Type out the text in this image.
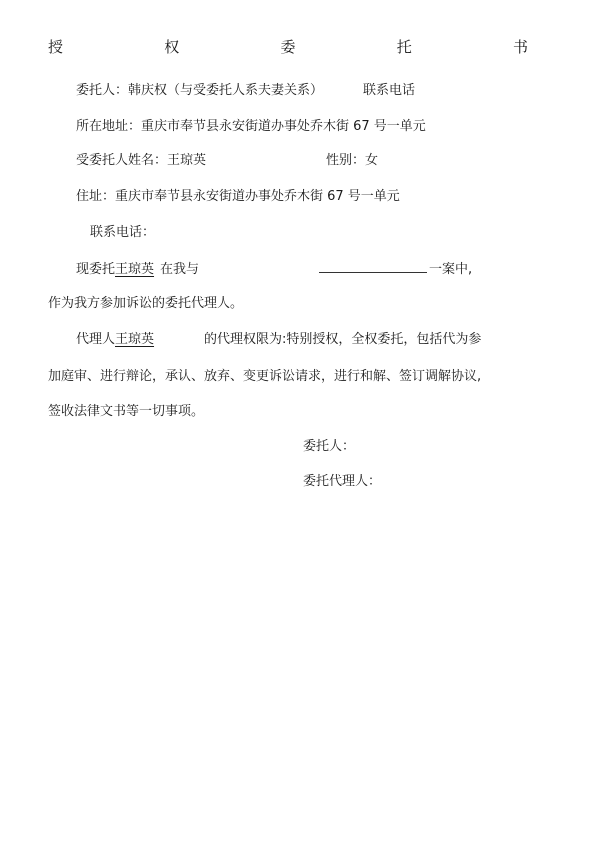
授	权	委	托	书
委托人：韩庆权（与受委托人系夫妻关系）	联系电话
所在地址：重庆市奉节县永安街道办事处乔木街 67 号一单元
受委托人姓名：王琼英	性别：女
住址：重庆市奉节县永安街道办事处乔木街 67 号一单元
联系电话：
现委托王琼英 在我与	一案中,
作为我方参加诉讼的委托代理人。
代理人王琼英	的代理权限为:特别授权，全权委托，包括代为参
加庭审、进行辩论，承认、放弃、变更诉讼请求，进行和解、签订调解协议,
签收法律文书等一切事项。
委托人：
委托代理人：
